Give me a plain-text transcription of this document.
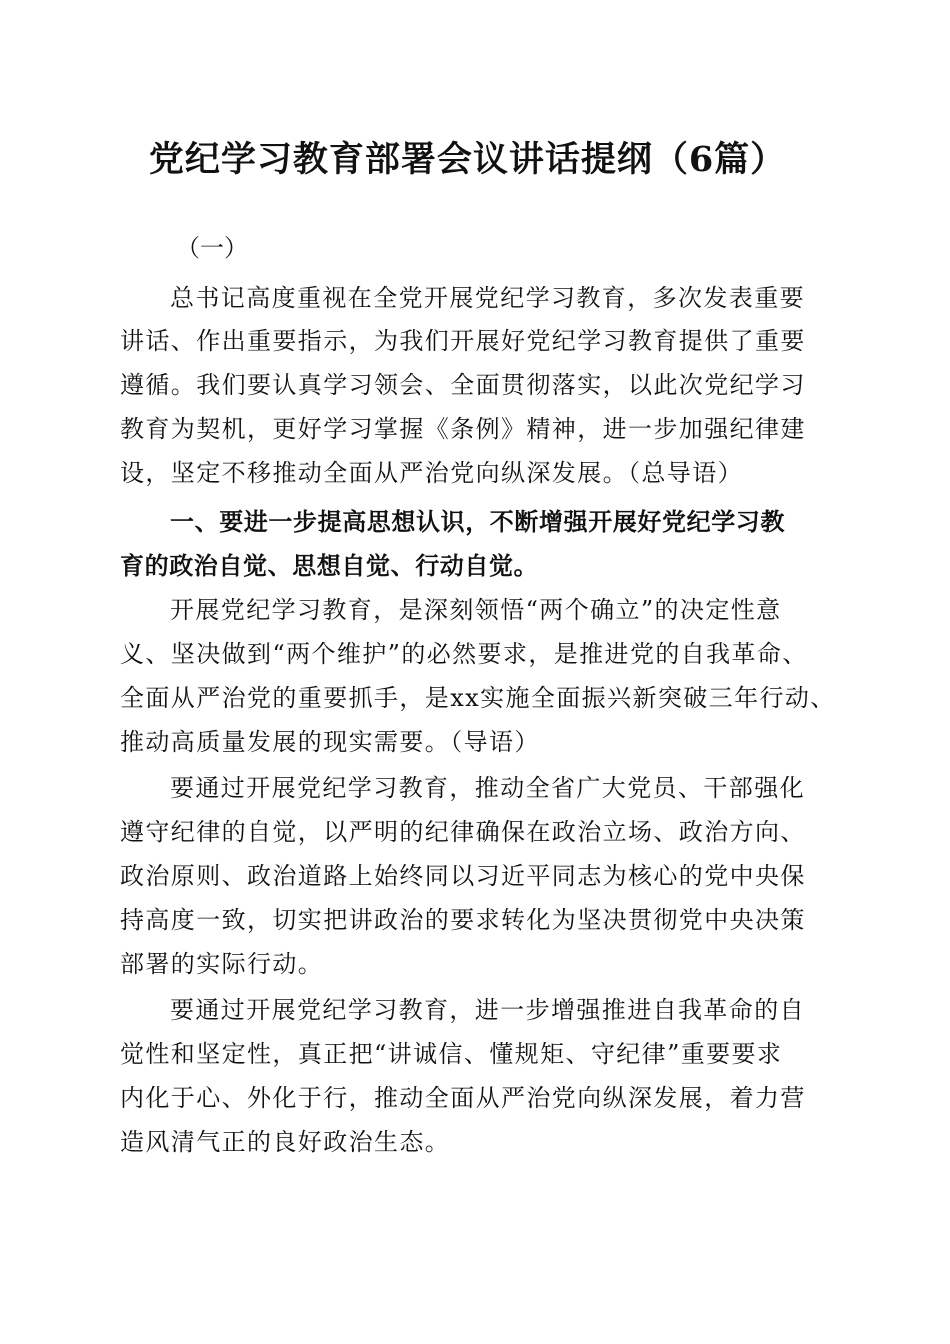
党纪学习教育部署会议讲话提纲（6篇）
（一）
总书记高度重视在全党开展党纪学习教育，多次发表重要
讲话、作出重要指示，为我们开展好党纪学习教育提供了重要
遵循。我们要认真学习领会、全面贯彻落实，以此次党纪学习
教育为契机，更好学习掌握《条例》精神，进一步加强纪律建
设，坚定不移推动全面从严治党向纵深发展。（总导语）
一、要进一步提高思想认识，不断增强开展好党纪学习教
育的政治自觉、思想自觉、行动自觉。
开展党纪学习教育，是深刻领悟“两个确立”的决定性意
义、坚决做到“两个维护”的必然要求，是推进党的自我革命、
全面从严治党的重要抓手，是xx实施全面振兴新突破三年行动、
推动高质量发展的现实需要。（导语）
要通过开展党纪学习教育，推动全省广大党员、干部强化
遵守纪律的自觉，以严明的纪律确保在政治立场、政治方向、
政治原则、政治道路上始终同以习近平同志为核心的党中央保
持高度一致，切实把讲政治的要求转化为坚决贯彻党中央决策
部署的实际行动。
要通过开展党纪学习教育，进一步增强推进自我革命的自
觉性和坚定性，真正把“讲诚信、懂规矩、守纪律”重要要求
内化于心、外化于行，推动全面从严治党向纵深发展，着力营
造风清气正的良好政治生态。
